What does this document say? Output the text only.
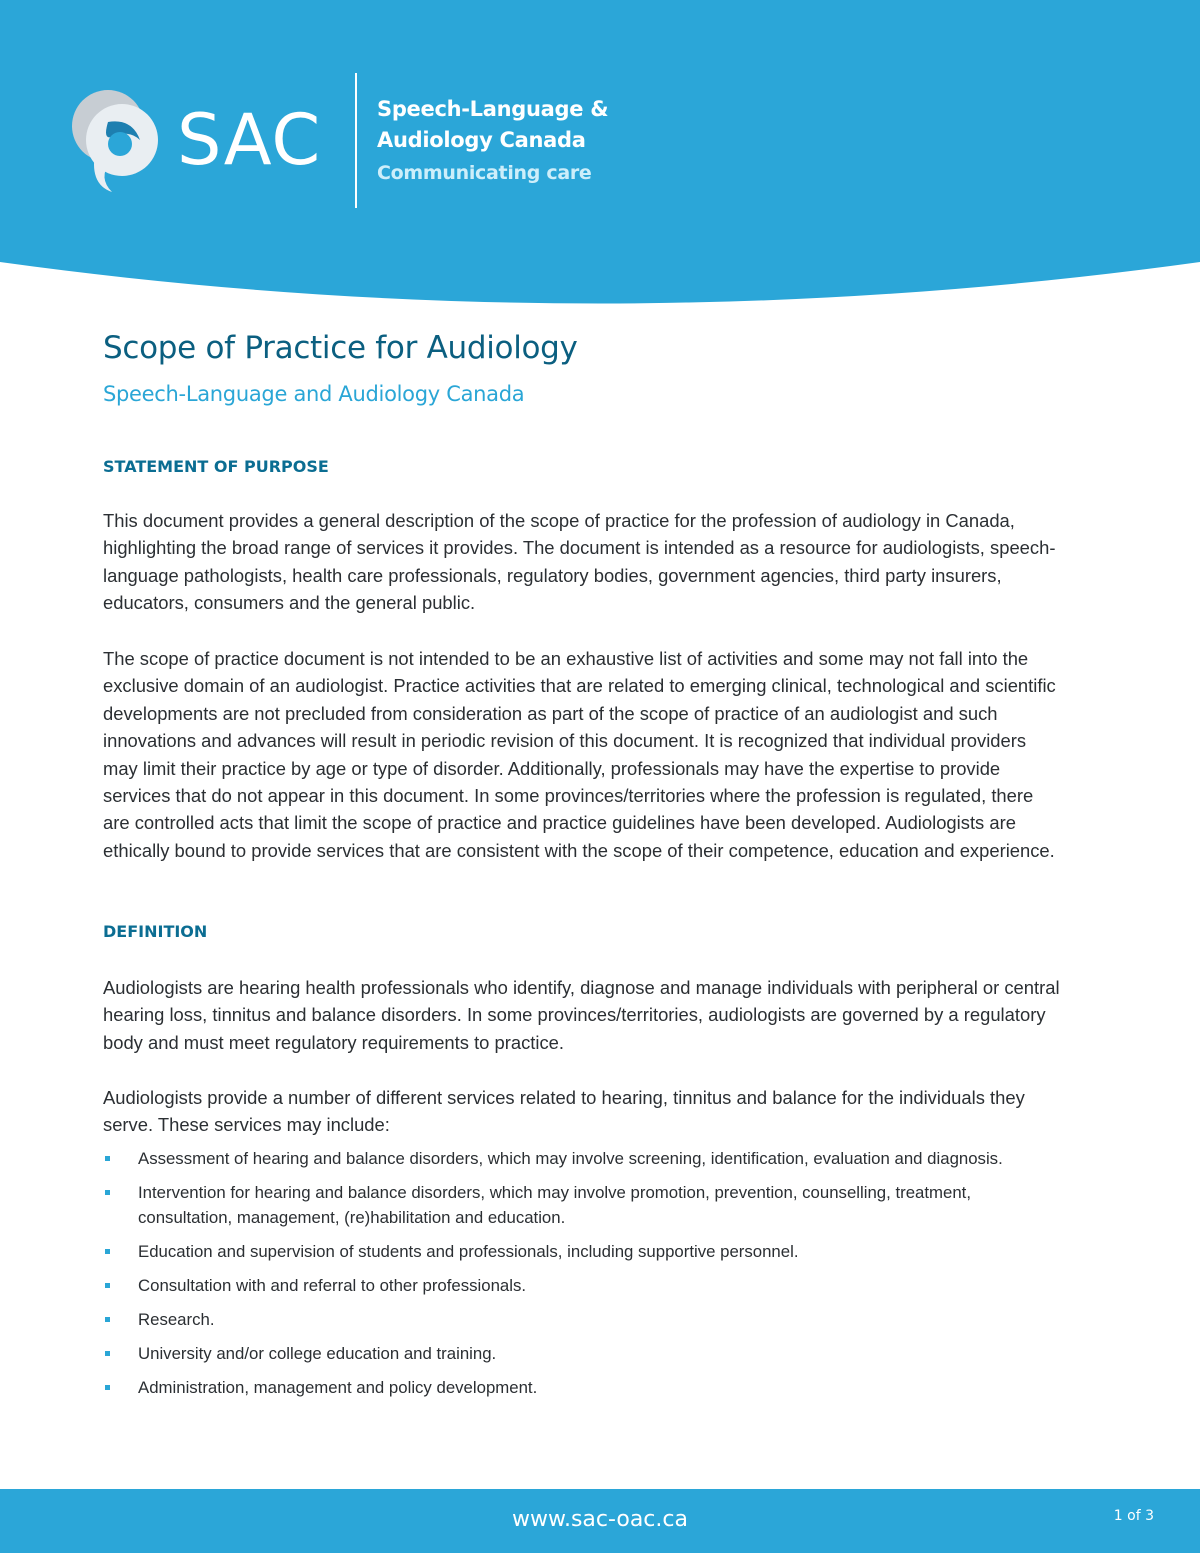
SAC	Speech-Language &
Audiology Canada
Communicating care
Scope of Practice for Audiology
Speech-Language and Audiology Canada
STATEMENT OF PURPOSE

This document provides a general description of the scope of practice for the profession of audiology in Canada, highlighting the broad range of services it provides. The document is intended as a resource for audiologists, speech-language pathologists, health care professionals, regulatory bodies, government agencies, third party insurers, educators, consumers and the general public.

The scope of practice document is not intended to be an exhaustive list of activities and some may not fall into the exclusive domain of an audiologist. Practice activities that are related to emerging clinical, technological and scientific developments are not precluded from consideration as part of the scope of practice of an audiologist and such innovations and advances will result in periodic revision of this document. It is recognized that individual providers may limit their practice by age or type of disorder. Additionally, professionals may have the expertise to provide services that do not appear in this document. In some provinces/territories where the profession is regulated, there are controlled acts that limit the scope of practice and practice guidelines have been developed. Audiologists are ethically bound to provide services that are consistent with the scope of their competence, education and experience.

DEFINITION

Audiologists are hearing health professionals who identify, diagnose and manage individuals with peripheral or central hearing loss, tinnitus and balance disorders. In some provinces/territories, audiologists are governed by a regulatory body and must meet regulatory requirements to practice.

Audiologists provide a number of different services related to hearing, tinnitus and balance for the individuals they serve. These services may include:

Assessment of hearing and balance disorders, which may involve screening, identification, evaluation and diagnosis.
Intervention for hearing and balance disorders, which may involve promotion, prevention, counselling, treatment, consultation, management, (re)habilitation and education.
Education and supervision of students and professionals, including supportive personnel.
Consultation with and referral to other professionals.
Research.
University and/or college education and training.
Administration, management and policy development.
www.sac-oac.ca	1 of 3
